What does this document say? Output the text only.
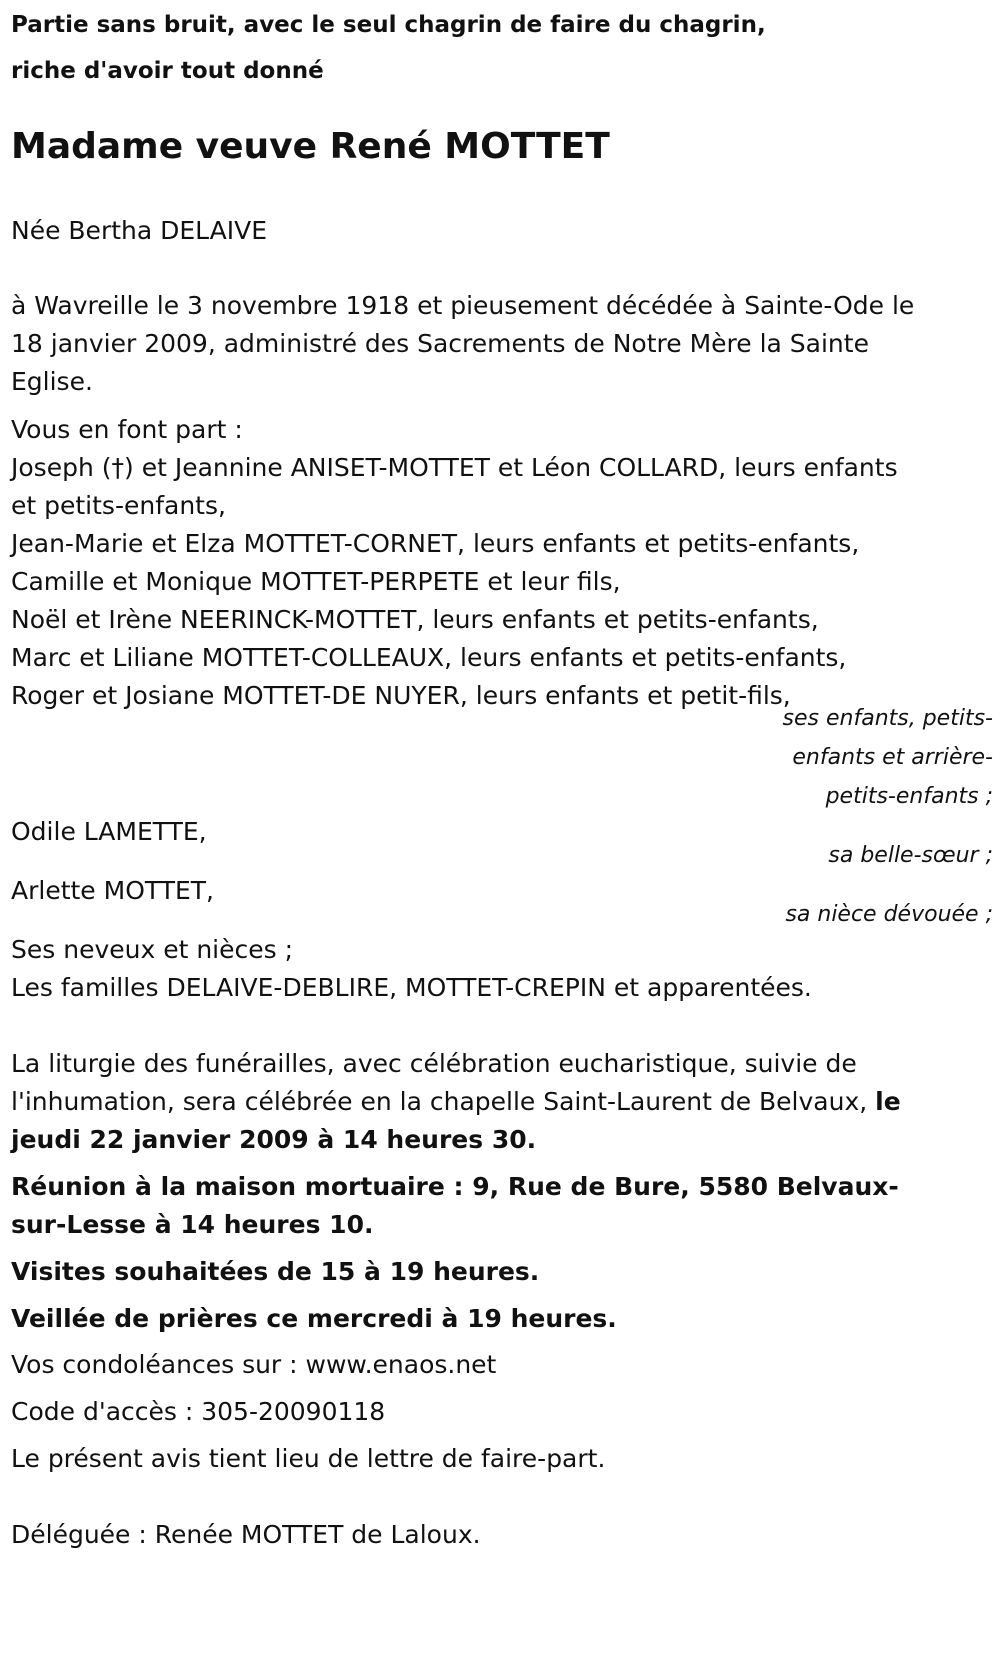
Partie sans bruit, avec le seul chagrin de faire du chagrin,
riche d'avoir tout donné
Madame veuve René MOTTET
Née Bertha DELAIVE
à Wavreille le 3 novembre 1918 et pieusement décédée à Sainte-Ode le
18 janvier 2009, administré des Sacrements de Notre Mère la Sainte
Eglise.
Vous en font part :
Joseph (†) et Jeannine ANISET-MOTTET et Léon COLLARD, leurs enfants
et petits-enfants,
Jean-Marie et Elza MOTTET-CORNET, leurs enfants et petits-enfants,
Camille et Monique MOTTET-PERPETE et leur fils,
Noël et Irène NEERINCK-MOTTET, leurs enfants et petits-enfants,
Marc et Liliane MOTTET-COLLEAUX, leurs enfants et petits-enfants,
Roger et Josiane MOTTET-DE NUYER, leurs enfants et petit-fils,
ses enfants, petits-
enfants et arrière-
petits-enfants ;
Odile LAMETTE,
sa belle-sœur ;
Arlette MOTTET,
sa nièce dévouée ;
Ses neveux et nièces ;
Les familles DELAIVE-DEBLIRE, MOTTET-CREPIN et apparentées.
La liturgie des funérailles, avec célébration eucharistique, suivie de
l'inhumation, sera célébrée en la chapelle Saint-Laurent de Belvaux, le
jeudi 22 janvier 2009 à 14 heures 30.
Réunion à la maison mortuaire : 9, Rue de Bure, 5580 Belvaux-
sur-Lesse à 14 heures 10.
Visites souhaitées de 15 à 19 heures.
Veillée de prières ce mercredi à 19 heures.
Vos condoléances sur : www.enaos.net
Code d'accès : 305-20090118
Le présent avis tient lieu de lettre de faire-part.
Déléguée : Renée MOTTET de Laloux.
